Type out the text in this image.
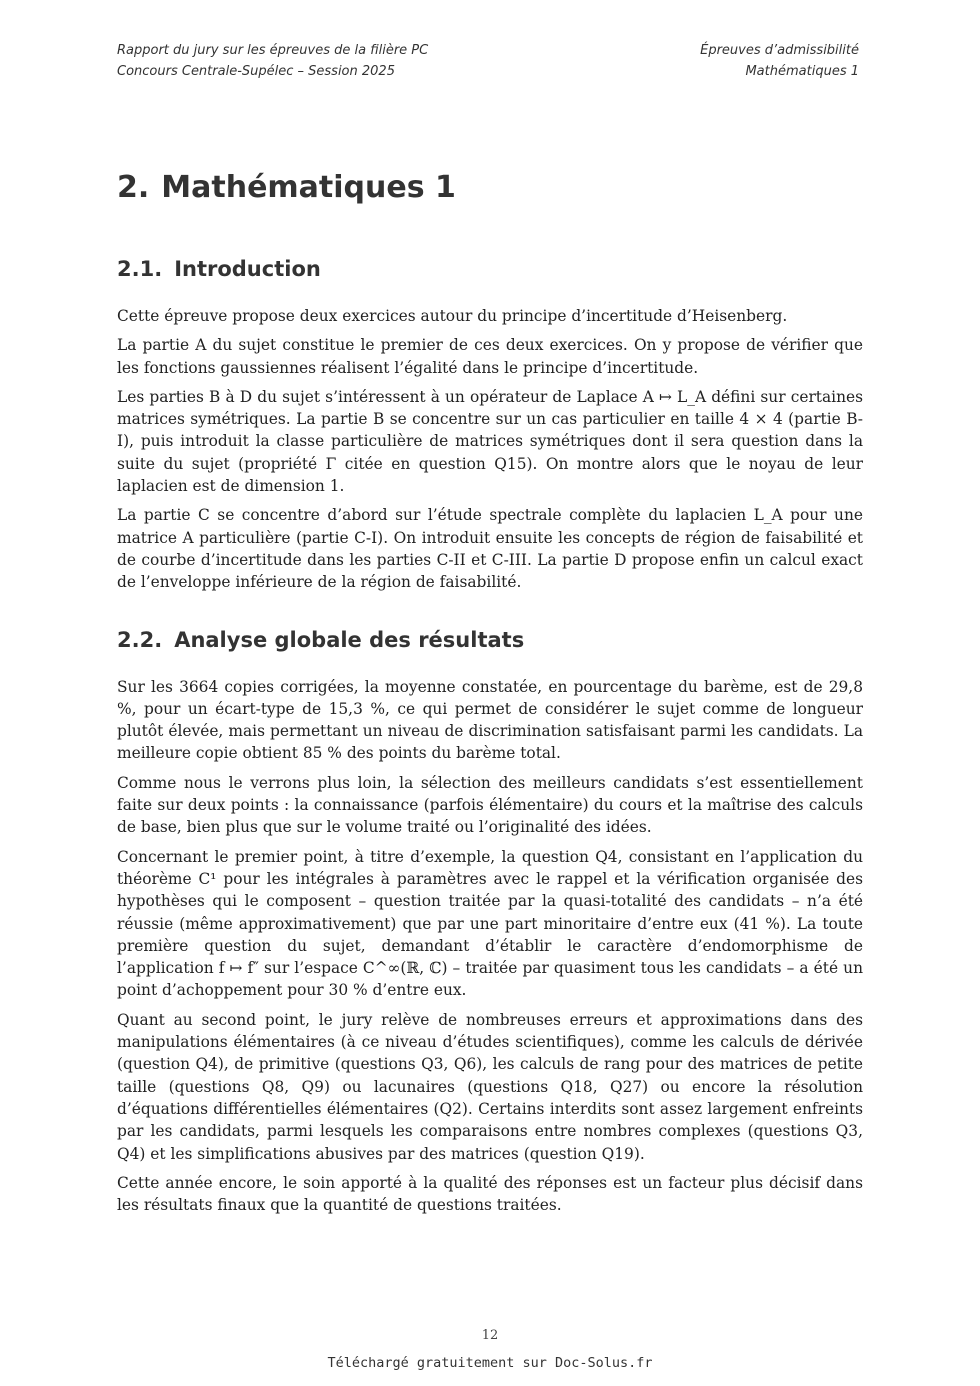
Rapport du jury sur les épreuves de la filière PC
Concours Centrale-Supélec – Session 2025
Épreuves d’admissibilité
Mathématiques 1
2. Mathématiques 1
2.1. Introduction

Cette épreuve propose deux exercices autour du principe d’incertitude d’Heisenberg.

La partie A du sujet constitue le premier de ces deux exercices. On y propose de vérifier que les fonctions gaussiennes réalisent l’égalité dans le principe d’incertitude.

Les parties B à D du sujet s’intéressent à un opérateur de Laplace A ↦ L_A défini sur certaines matrices symétriques. La partie B se concentre sur un cas particulier en taille 4 × 4 (partie B-I), puis introduit la classe particulière de matrices symétriques dont il sera question dans la suite du sujet (propriété Γ citée en question Q15). On montre alors que le noyau de leur laplacien est de dimension 1.

La partie C se concentre d’abord sur l’étude spectrale complète du laplacien L_A pour une matrice A particulière (partie C-I). On introduit ensuite les concepts de région de faisabilité et de courbe d’incertitude dans les parties C-II et C-III. La partie D propose enfin un calcul exact de l’enveloppe inférieure de la région de faisabilité.

2.2. Analyse globale des résultats

Sur les 3664 copies corrigées, la moyenne constatée, en pourcentage du barème, est de 29,8 %, pour un écart-type de 15,3 %, ce qui permet de considérer le sujet comme de longueur plutôt élevée, mais permettant un niveau de discrimination satisfaisant parmi les candidats. La meilleure copie obtient 85 % des points du barème total.

Comme nous le verrons plus loin, la sélection des meilleurs candidats s’est essentiellement faite sur deux points : la connaissance (parfois élémentaire) du cours et la maîtrise des calculs de base, bien plus que sur le volume traité ou l’originalité des idées.

Concernant le premier point, à titre d’exemple, la question Q4, consistant en l’application du théorème C¹ pour les intégrales à paramètres avec le rappel et la vérification organisée des hypothèses qui le composent – question traitée par la quasi-totalité des candidats – n’a été réussie (même approximativement) que par une part minoritaire d’entre eux (41 %). La toute première question du sujet, demandant d’établir le caractère d’endomorphisme de l’application f ↦ f″ sur l’espace C^∞(ℝ, ℂ) – traitée par quasiment tous les candidats – a été un point d’achoppement pour 30 % d’entre eux.

Quant au second point, le jury relève de nombreuses erreurs et approximations dans des manipulations élémentaires (à ce niveau d’études scientifiques), comme les calculs de dérivée (question Q4), de primitive (questions Q3, Q6), les calculs de rang pour des matrices de petite taille (questions Q8, Q9) ou lacunaires (questions Q18, Q27) ou encore la résolution d’équations différentielles élémentaires (Q2). Certains interdits sont assez largement enfreints par les candidats, parmi lesquels les comparaisons entre nombres complexes (questions Q3, Q4) et les simplifications abusives par des matrices (question Q19).

Cette année encore, le soin apporté à la qualité des réponses est un facteur plus décisif dans les résultats finaux que la quantité de questions traitées.

12
Téléchargé gratuitement sur Doc-Solus.fr
